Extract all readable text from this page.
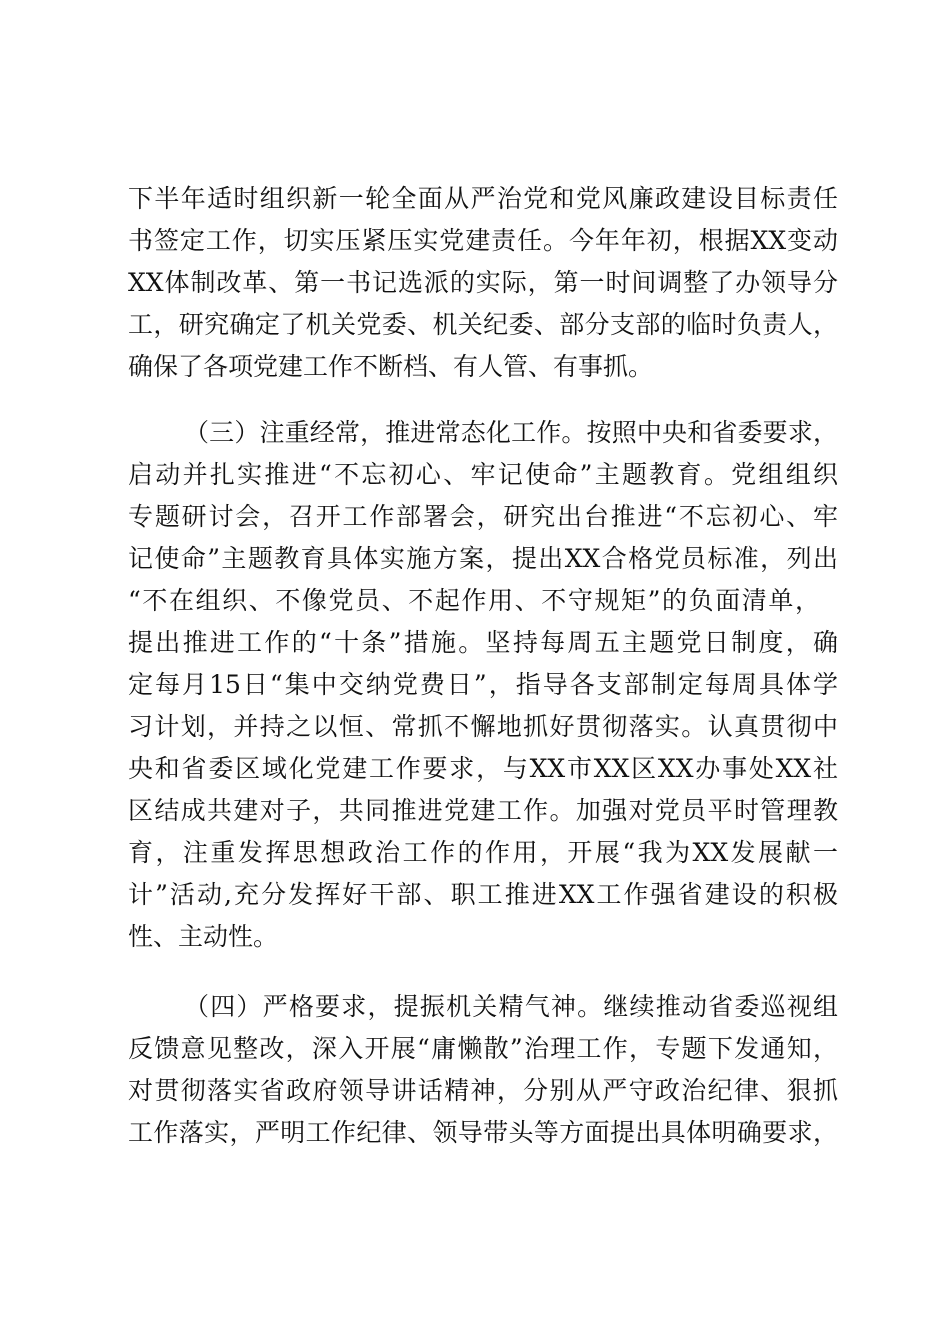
下半年适时组织新一轮全面从严治党和党风廉政建设目标责任
书签定工作，切实压紧压实党建责任。今年年初，根据XX变动
XX体制改革、第一书记选派的实际，第一时间调整了办领导分
工，研究确定了机关党委、机关纪委、部分支部的临时负责人，
确保了各项党建工作不断档、有人管、有事抓。
（三）注重经常，推进常态化工作。按照中央和省委要求，
启动并扎实推进“不忘初心、牢记使命”主题教育。党组组织
专题研讨会，召开工作部署会，研究出台推进“不忘初心、牢
记使命”主题教育具体实施方案，提出XX合格党员标准，列出
“不在组织、不像党员、不起作用、不守规矩”的负面清单，
提出推进工作的“十条”措施。坚持每周五主题党日制度，确
定每月15日“集中交纳党费日”，指导各支部制定每周具体学
习计划，并持之以恒、常抓不懈地抓好贯彻落实。认真贯彻中
央和省委区域化党建工作要求，与XX市XX区XX办事处XX社
区结成共建对子，共同推进党建工作。加强对党员平时管理教
育，注重发挥思想政治工作的作用，开展“我为XX发展献一
计”活动,充分发挥好干部、职工推进XX工作强省建设的积极
性、主动性。
（四）严格要求，提振机关精气神。继续推动省委巡视组
反馈意见整改，深入开展“庸懒散”治理工作，专题下发通知，
对贯彻落实省政府领导讲话精神，分别从严守政治纪律、狠抓
工作落实，严明工作纪律、领导带头等方面提出具体明确要求，
